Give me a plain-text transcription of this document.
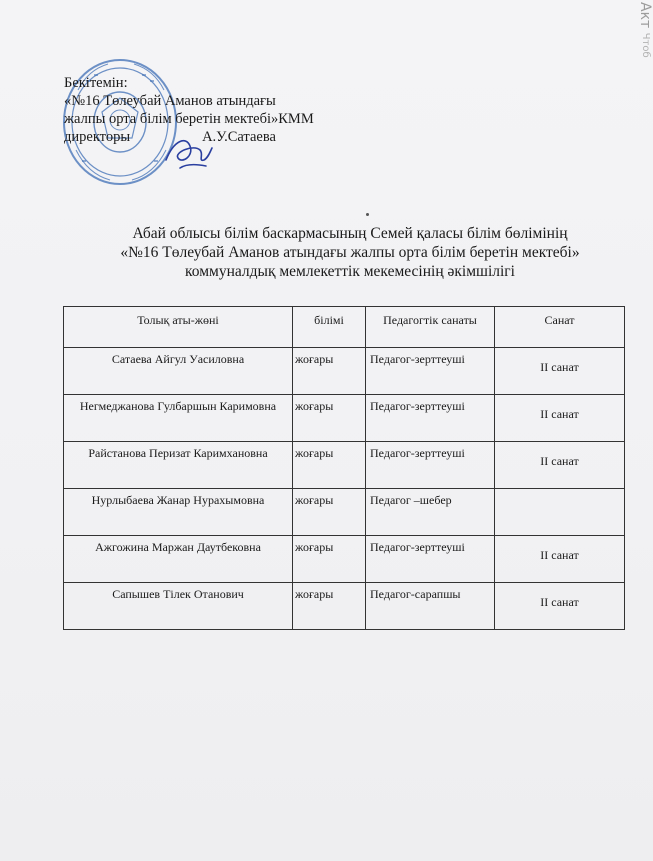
Акт Чтоб
Бекітемін:
«№16 Төлеубай Аманов атындағы
жалпы орта білім беретін мектебі»КММ
директоры	А.У.Сатаева
Абай облысы білім баскармасының Семей қаласы білім бөлімінің
«№16 Төлеубай Аманов атындағы жалпы орта білім беретін мектебі»
коммуналдық мемлекеттік мекемесінің әкімшілігі
Толық аты-жөні	білімі	Педагогтік санаты	Санат
Сатаева Айгул Уасиловна	жоғары	Педагог-зерттеуші	II санат
Негмеджанова Гулбаршын Каримовна	жоғары	Педагог-зерттеуші	II санат
Райстанова Перизат Каримхановна	жоғары	Педагог-зерттеуші	II санат
Нурлыбаева Жанар Нурахымовна	жоғары	Педагог –шебер	
Ажгожина Маржан Даутбековна	жоғары	Педагог-зерттеуші	II санат
Сапышев Тілек Отанович	жоғары	Педагог-сарапшы	II санат
